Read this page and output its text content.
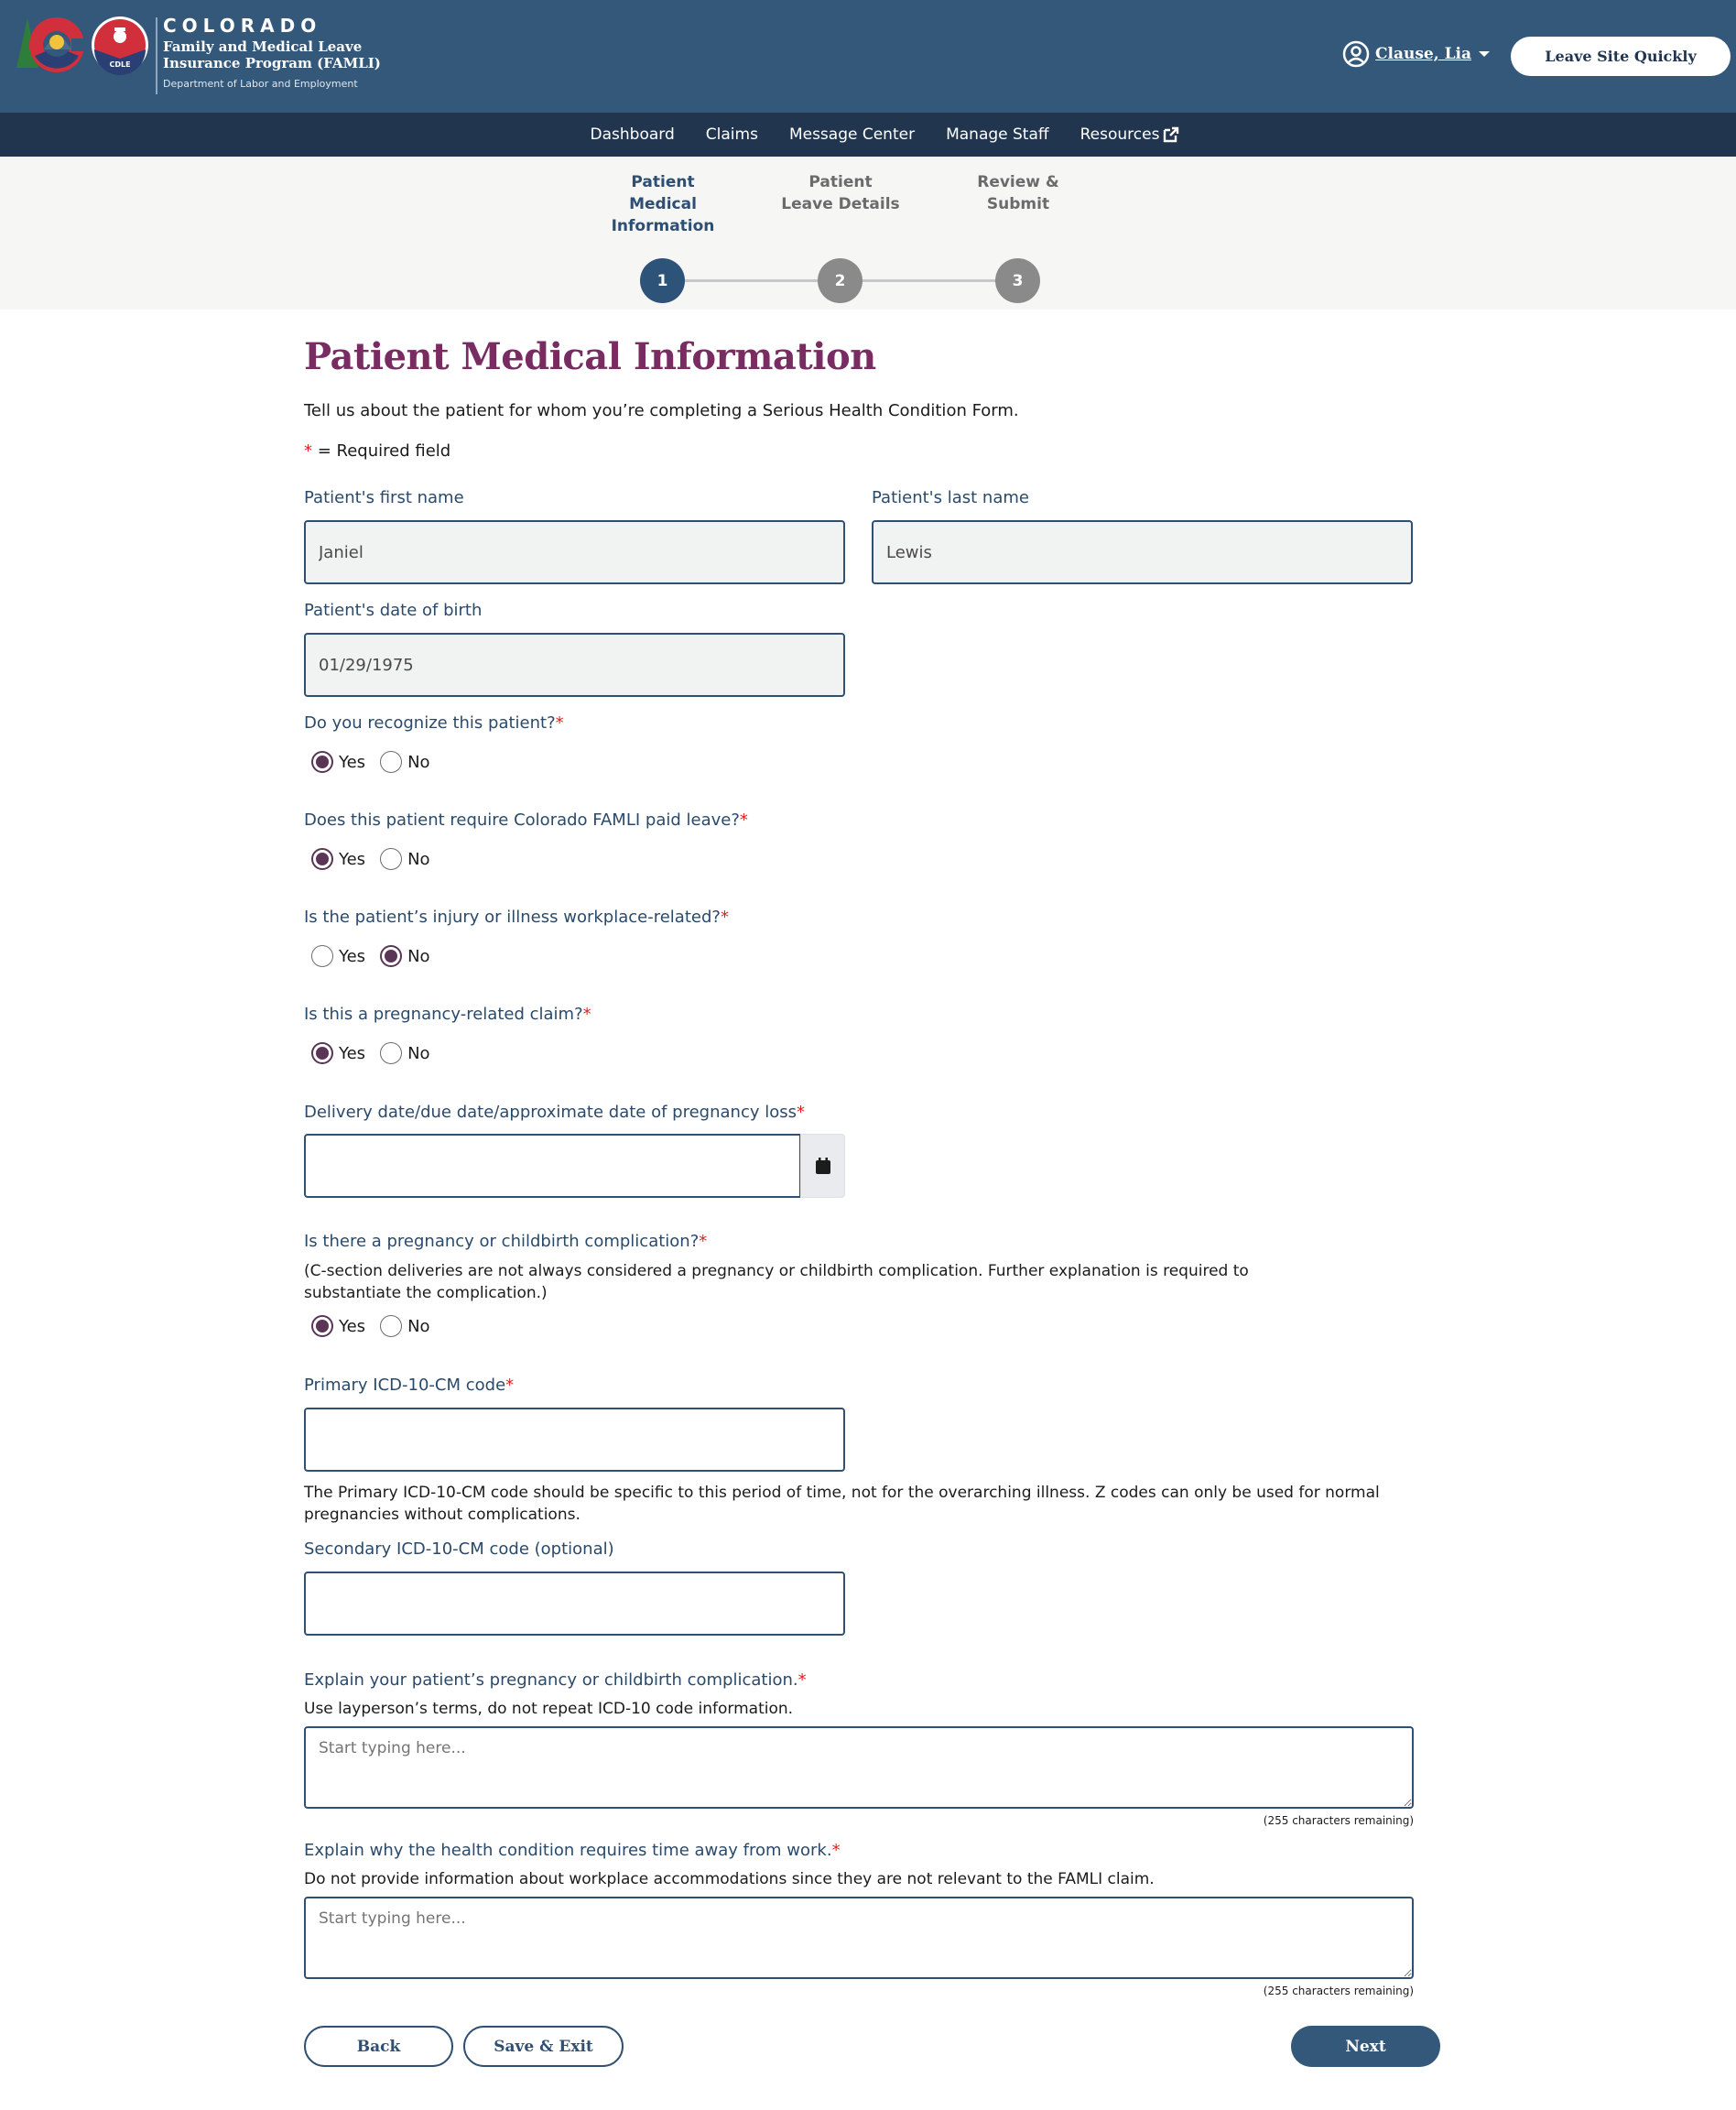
CDLE
COLORADO
Family and Medical Leave
Insurance Program (FAMLI)
Department of Labor and Employment
Clause, Lia	Leave Site Quickly
Dashboard Claims Message Center Manage Staff Resources
Patient
Medical
Information
Patient
Leave Details
Review &
Submit
1	2	3
Patient Medical Information

Tell us about the patient for whom you’re completing a Serious Health Condition Form.

* = Required field

Patient's first name
Janiel	Patient's last name
Lewis
Patient's date of birth
01/29/1975
Do you recognize this patient?*
Yes	No
Does this patient require Colorado FAMLI paid leave?*
Yes	No
Is the patient’s injury or illness workplace-related?*
Yes	No
Is this a pregnancy-related claim?*
Yes	No
Delivery date/due date/approximate date of pregnancy loss*
Is there a pregnancy or childbirth complication?*

(C-section deliveries are not always considered a pregnancy or childbirth complication. Further explanation is required to substantiate the complication.)

Yes	No
Primary ICD-10-CM code*

The Primary ICD-10-CM code should be specific to this period of time, not for the overarching illness. Z codes can only be used for normal pregnancies without complications.

Secondary ICD-10-CM code (optional)
Explain your patient’s pregnancy or childbirth complication.*

Use layperson’s terms, do not repeat ICD-10 code information.

Start typing here...
(255 characters remaining)
Explain why the health condition requires time away from work.*

Do not provide information about workplace accommodations since they are not relevant to the FAMLI claim.

Start typing here...
(255 characters remaining)
Back	Save & Exit	Next
